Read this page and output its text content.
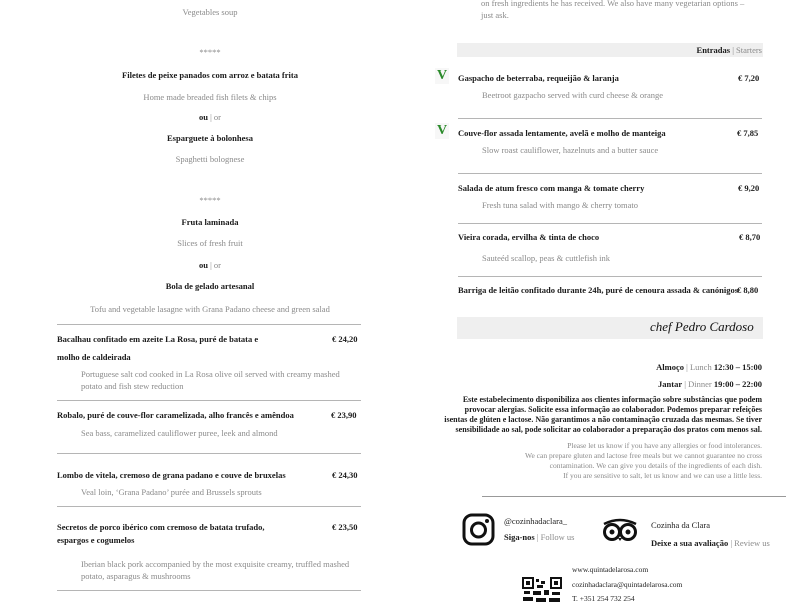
Vegetables soup
*****
Filetes de peixe panados com arroz e batata frita
Home made breaded fish filets & chips
ou | or
Esparguete à bolonhesa
Spaghetti bolognese
*****
Fruta laminada
Slices of fresh fruit
ou | or
Bola de gelado artesanal
Tofu and vegetable lasagne with Grana Padano cheese and green salad
Bacalhau confitado em azeite La Rosa, puré de batata e
molho de caldeirada
€ 24,20
Portuguese salt cod cooked in La Rosa olive oil served with creamy mashed
potato and fish stew reduction
Robalo, puré de couve-flor caramelizada, alho francês e amêndoa	€ 23,90
Sea bass, caramelized cauliflower puree, leek and almond
Lombo de vitela, cremoso de grana padano e couve de bruxelas	€ 24,30
Veal loin, ‘Grana Padano’ purée and Brussels sprouts
Secretos de porco ibérico com cremoso de batata trufado,
espargos e cogumelos
€ 23,50
Iberian black pork accompanied by the most exquisite creamy, truffled mashed
potato, asparagus & mushrooms
on fresh ingredients he has received. We also have many vegetarian options –
just ask.
Entradas | Starters
V Gaspacho de beterraba, requeijão & laranja	€ 7,20
Beetroot gazpacho served with curd cheese & orange
V Couve-flor assada lentamente, avelã e molho de manteiga	€ 7,85
Slow roast cauliflower, hazelnuts and a butter sauce
Salada de atum fresco com manga & tomate cherry	€ 9,20
Fresh tuna salad with mango & cherry tomato
Vieira corada, ervilha & tinta de choco	€ 8,70
Sauteéd scallop, peas & cuttlefish ink
Barriga de leitão confitado durante 24h, puré de cenoura assada & canónigos
€ 8,80
chef Pedro Cardoso
Almoço | Lunch 12:30 – 15:00
Jantar | Dinner 19:00 – 22:00
Este estabelecimento disponibiliza aos clientes informação sobre substâncias que podem
provocar alergias. Solicite essa informação ao colaborador. Podemos preparar refeições
isentas de glúten e lactose. Não garantimos a não contaminação cruzada das mesmas. Se tiver
sensibilidade ao sal, pode solicitar ao colaborador a preparação dos pratos com menos sal.
Please let us know if you have any allergies or food intolerances.
We can prepare gluten and lactose free meals but we cannot guarantee no cross
contamination. We can give you details of the ingredients of each dish.
If you are sensitive to salt, let us know and we can use a little less.
@cozinhadaclara_
Siga-nos | Follow us
Cozinha da Clara
Deixe a sua avaliação | Review us
www.quintadelarosa.com
cozinhadaclara@quintadelarosa.com
T. +351 254 732 254
